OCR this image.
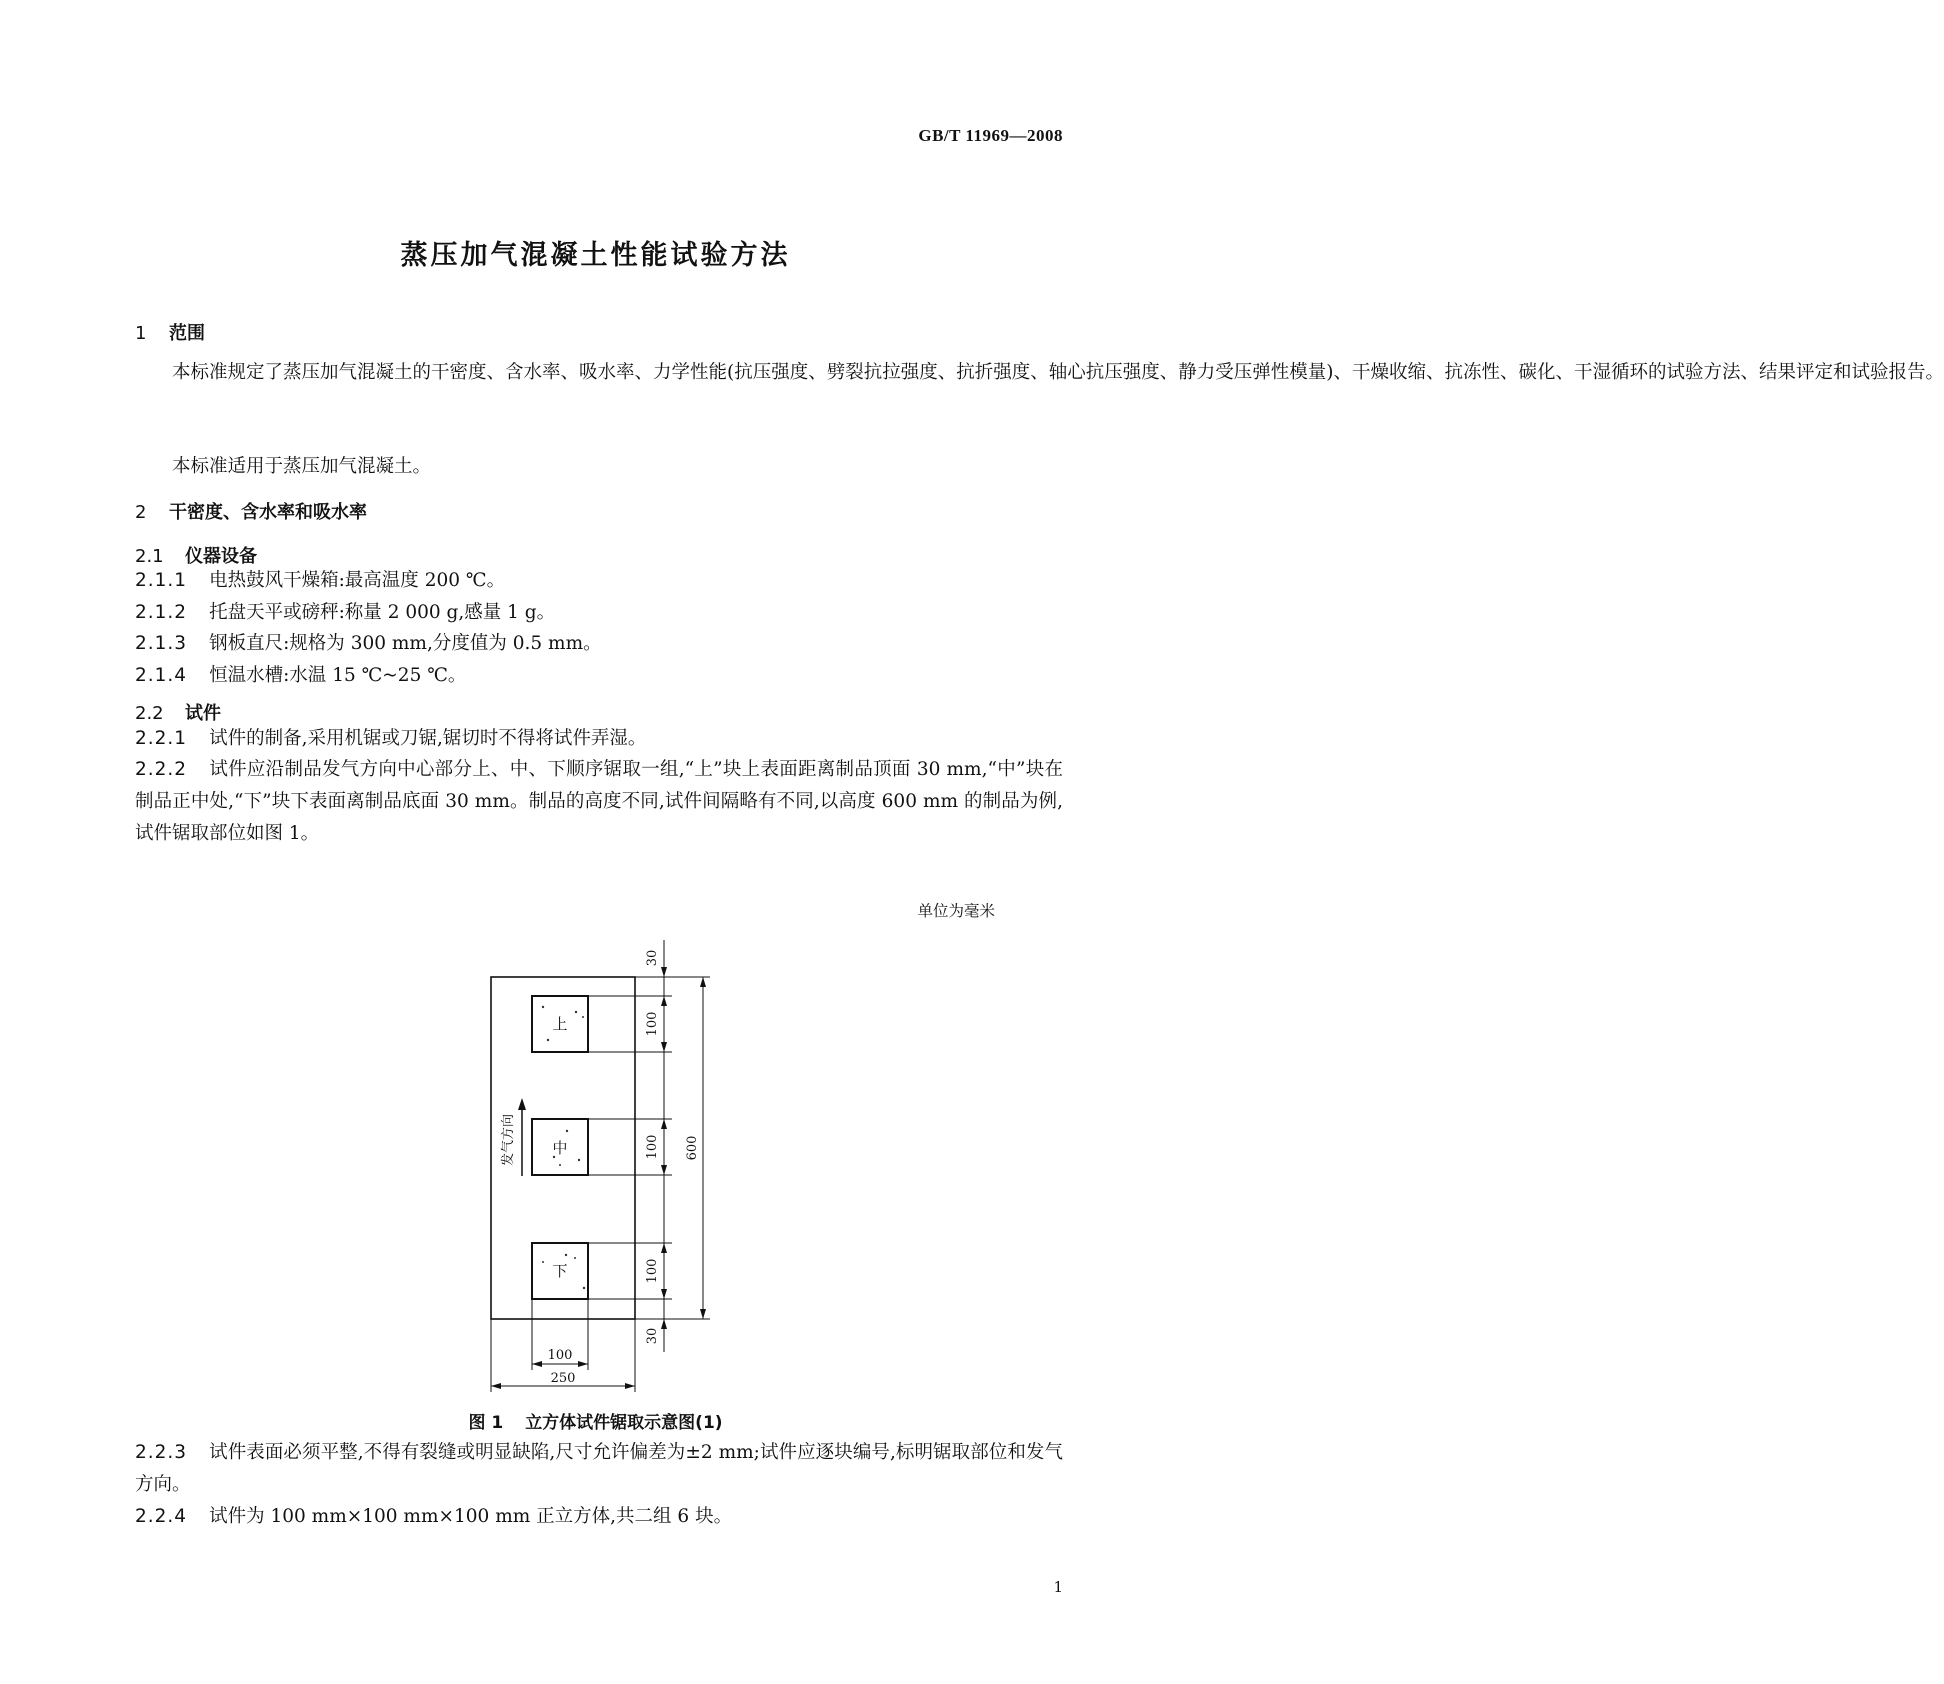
GB/T 11969—2008
蒸压加气混凝土性能试验方法
1 范围
本标准规定了蒸压加气混凝土的干密度、含水率、吸水率、力学性能(抗压强度、劈裂抗拉强度、抗折强度、轴心抗压强度、静力受压弹性模量)、干燥收缩、抗冻性、碳化、干湿循环的试验方法、结果评定和试验报告。
本标准适用于蒸压加气混凝土。
2 干密度、含水率和吸水率
2.1 仪器设备
2.1.1 电热鼓风干燥箱:最高温度 200 ℃。
2.1.2 托盘天平或磅秤:称量 2 000 g,感量 1 g。
2.1.3 钢板直尺:规格为 300 mm,分度值为 0.5 mm。
2.1.4 恒温水槽:水温 15 ℃~25 ℃。
2.2 试件
2.2.1 试件的制备,采用机锯或刀锯,锯切时不得将试件弄湿。
2.2.2 试件应沿制品发气方向中心部分上、中、下顺序锯取一组,“上”块上表面距离制品顶面 30 mm,“中”块在制品正中处,“下”块下表面离制品底面 30 mm。制品的高度不同,试件间隔略有不同,以高度 600 mm 的制品为例,试件锯取部位如图 1。
单位为毫米
上
中
下
发气方向
30
100
100
100
30
600
100
250
图 1 立方体试件锯取示意图(1)
2.2.3 试件表面必须平整,不得有裂缝或明显缺陷,尺寸允许偏差为±2 mm;试件应逐块编号,标明锯取部位和发气方向。
2.2.4 试件为 100 mm×100 mm×100 mm 正立方体,共二组 6 块。
1
